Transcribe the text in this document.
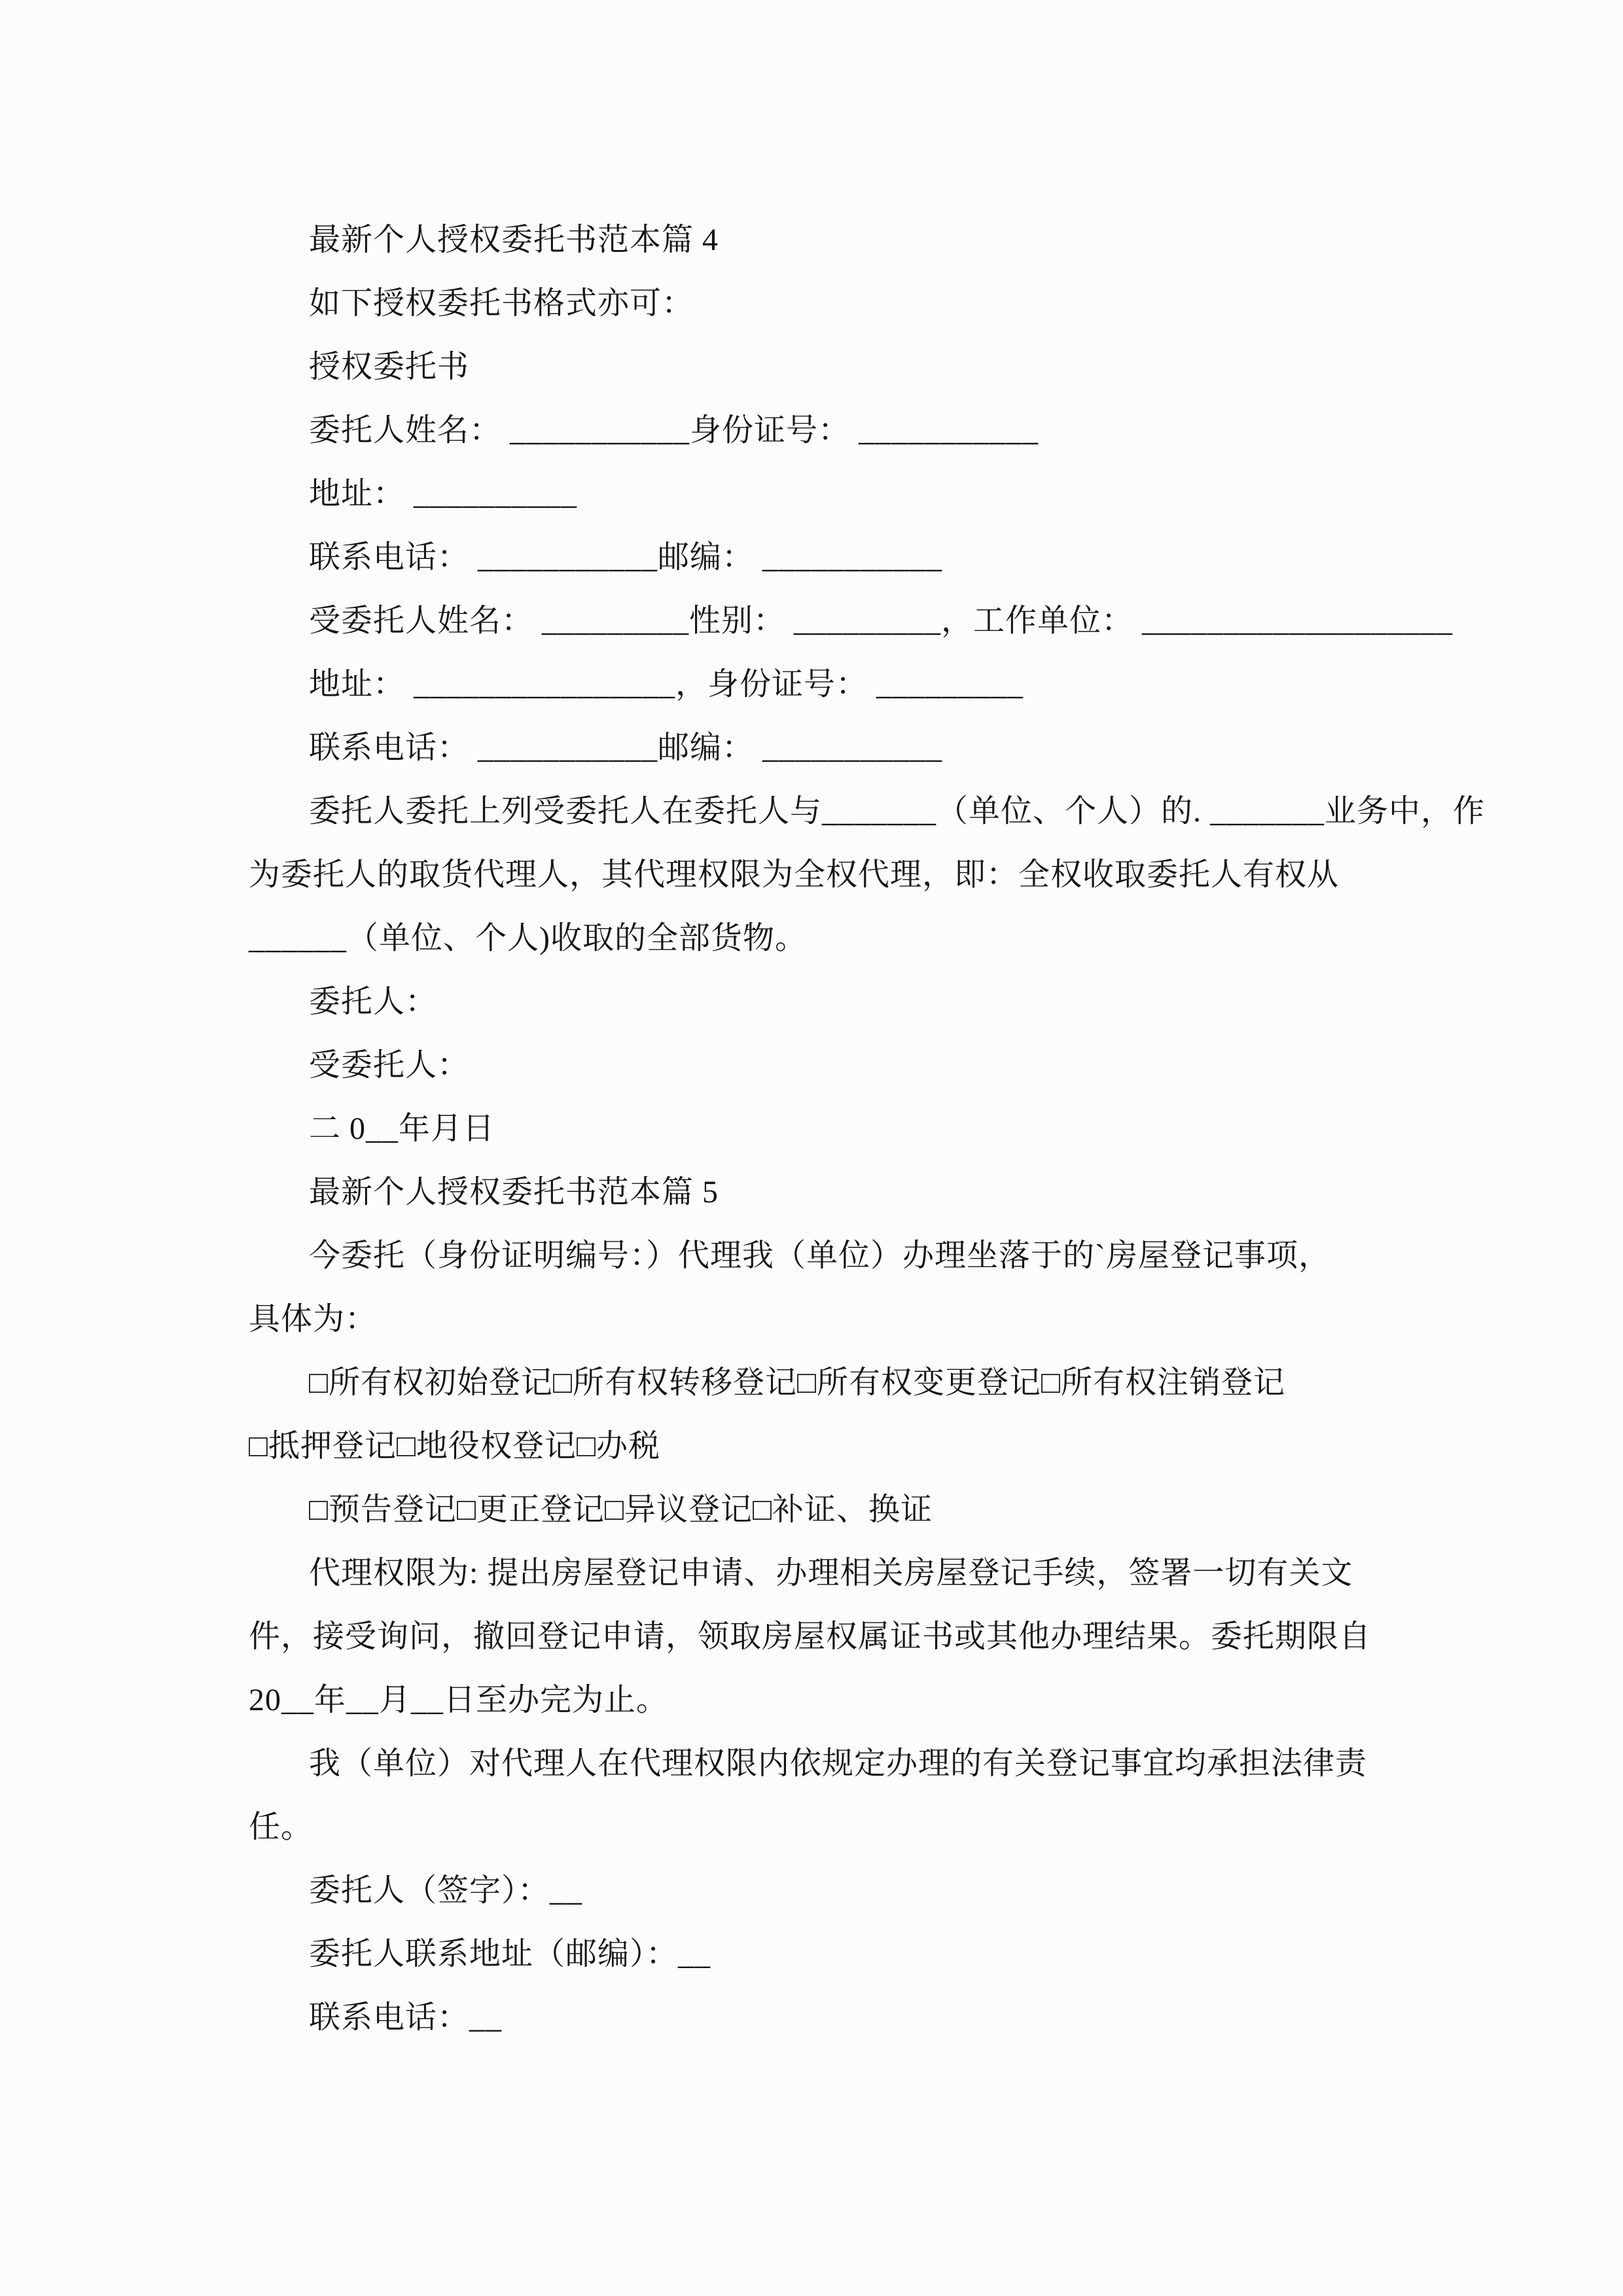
最新个人授权委托书范本篇 4
如下授权委托书格式亦可：
授权委托书
委托人姓名： ___________身份证号： ___________
地址： __________
联系电话： ___________邮编： ___________
受委托人姓名： _________性别： _________，工作单位： ___________________
地址： ________________，身份证号： _________
联系电话： ___________邮编： ___________
委托人委托上列受委托人在委托人与_______（单位、个人）的. _______业务中，作
为委托人的取货代理人，其代理权限为全权代理，即：全权收取委托人有权从
______（单位、个人)收取的全部货物。
委托人：
受委托人：
二 0__年月日
最新个人授权委托书范本篇 5
今委托（身份证明编号：）代理我（单位）办理坐落于的`房屋登记事项，
具体为：
□所有权初始登记□所有权转移登记□所有权变更登记□所有权注销登记
□抵押登记□地役权登记□办税
□预告登记□更正登记□异议登记□补证、换证
代理权限为: 提出房屋登记申请、办理相关房屋登记手续，签署一切有关文
件，接受询问，撤回登记申请，领取房屋权属证书或其他办理结果。委托期限自
20__年__月__日至办完为止。
我（单位）对代理人在代理权限内依规定办理的有关登记事宜均承担法律责
任。
委托人（签字）：__
委托人联系地址（邮编）：__
联系电话：__
